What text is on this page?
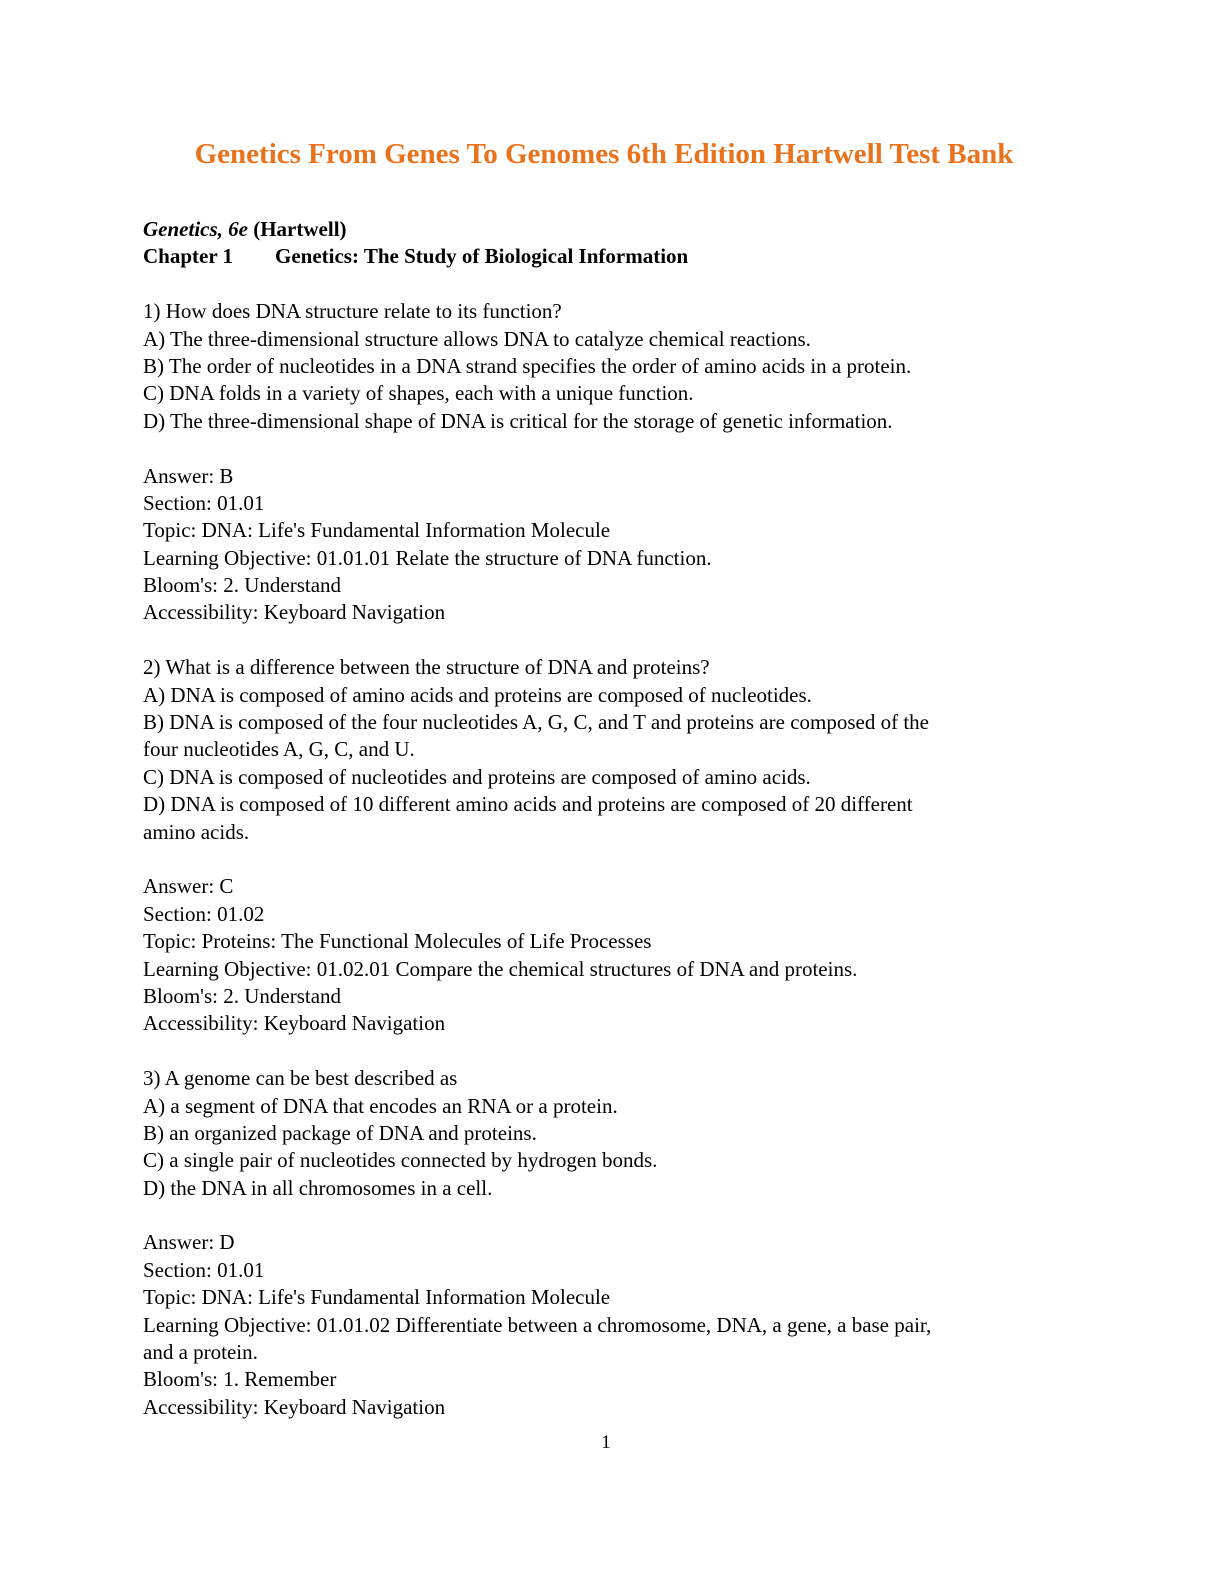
Genetics From Genes To Genomes 6th Edition Hartwell Test Bank
Genetics, 6e (Hartwell)
Chapter 1 Genetics: The Study of Biological Information
1) How does DNA structure relate to its function?
A) The three-dimensional structure allows DNA to catalyze chemical reactions.
B) The order of nucleotides in a DNA strand specifies the order of amino acids in a protein.
C) DNA folds in a variety of shapes, each with a unique function.
D) The three-dimensional shape of DNA is critical for the storage of genetic information.
Answer: B
Section: 01.01
Topic: DNA: Life's Fundamental Information Molecule
Learning Objective: 01.01.01 Relate the structure of DNA function.
Bloom's: 2. Understand
Accessibility: Keyboard Navigation
2) What is a difference between the structure of DNA and proteins?
A) DNA is composed of amino acids and proteins are composed of nucleotides.
B) DNA is composed of the four nucleotides A, G, C, and T and proteins are composed of the
four nucleotides A, G, C, and U.
C) DNA is composed of nucleotides and proteins are composed of amino acids.
D) DNA is composed of 10 different amino acids and proteins are composed of 20 different
amino acids.
Answer: C
Section: 01.02
Topic: Proteins: The Functional Molecules of Life Processes
Learning Objective: 01.02.01 Compare the chemical structures of DNA and proteins.
Bloom's: 2. Understand
Accessibility: Keyboard Navigation
3) A genome can be best described as
A) a segment of DNA that encodes an RNA or a protein.
B) an organized package of DNA and proteins.
C) a single pair of nucleotides connected by hydrogen bonds.
D) the DNA in all chromosomes in a cell.
Answer: D
Section: 01.01
Topic: DNA: Life's Fundamental Information Molecule
Learning Objective: 01.01.02 Differentiate between a chromosome, DNA, a gene, a base pair,
and a protein.
Bloom's: 1. Remember
Accessibility: Keyboard Navigation
1
